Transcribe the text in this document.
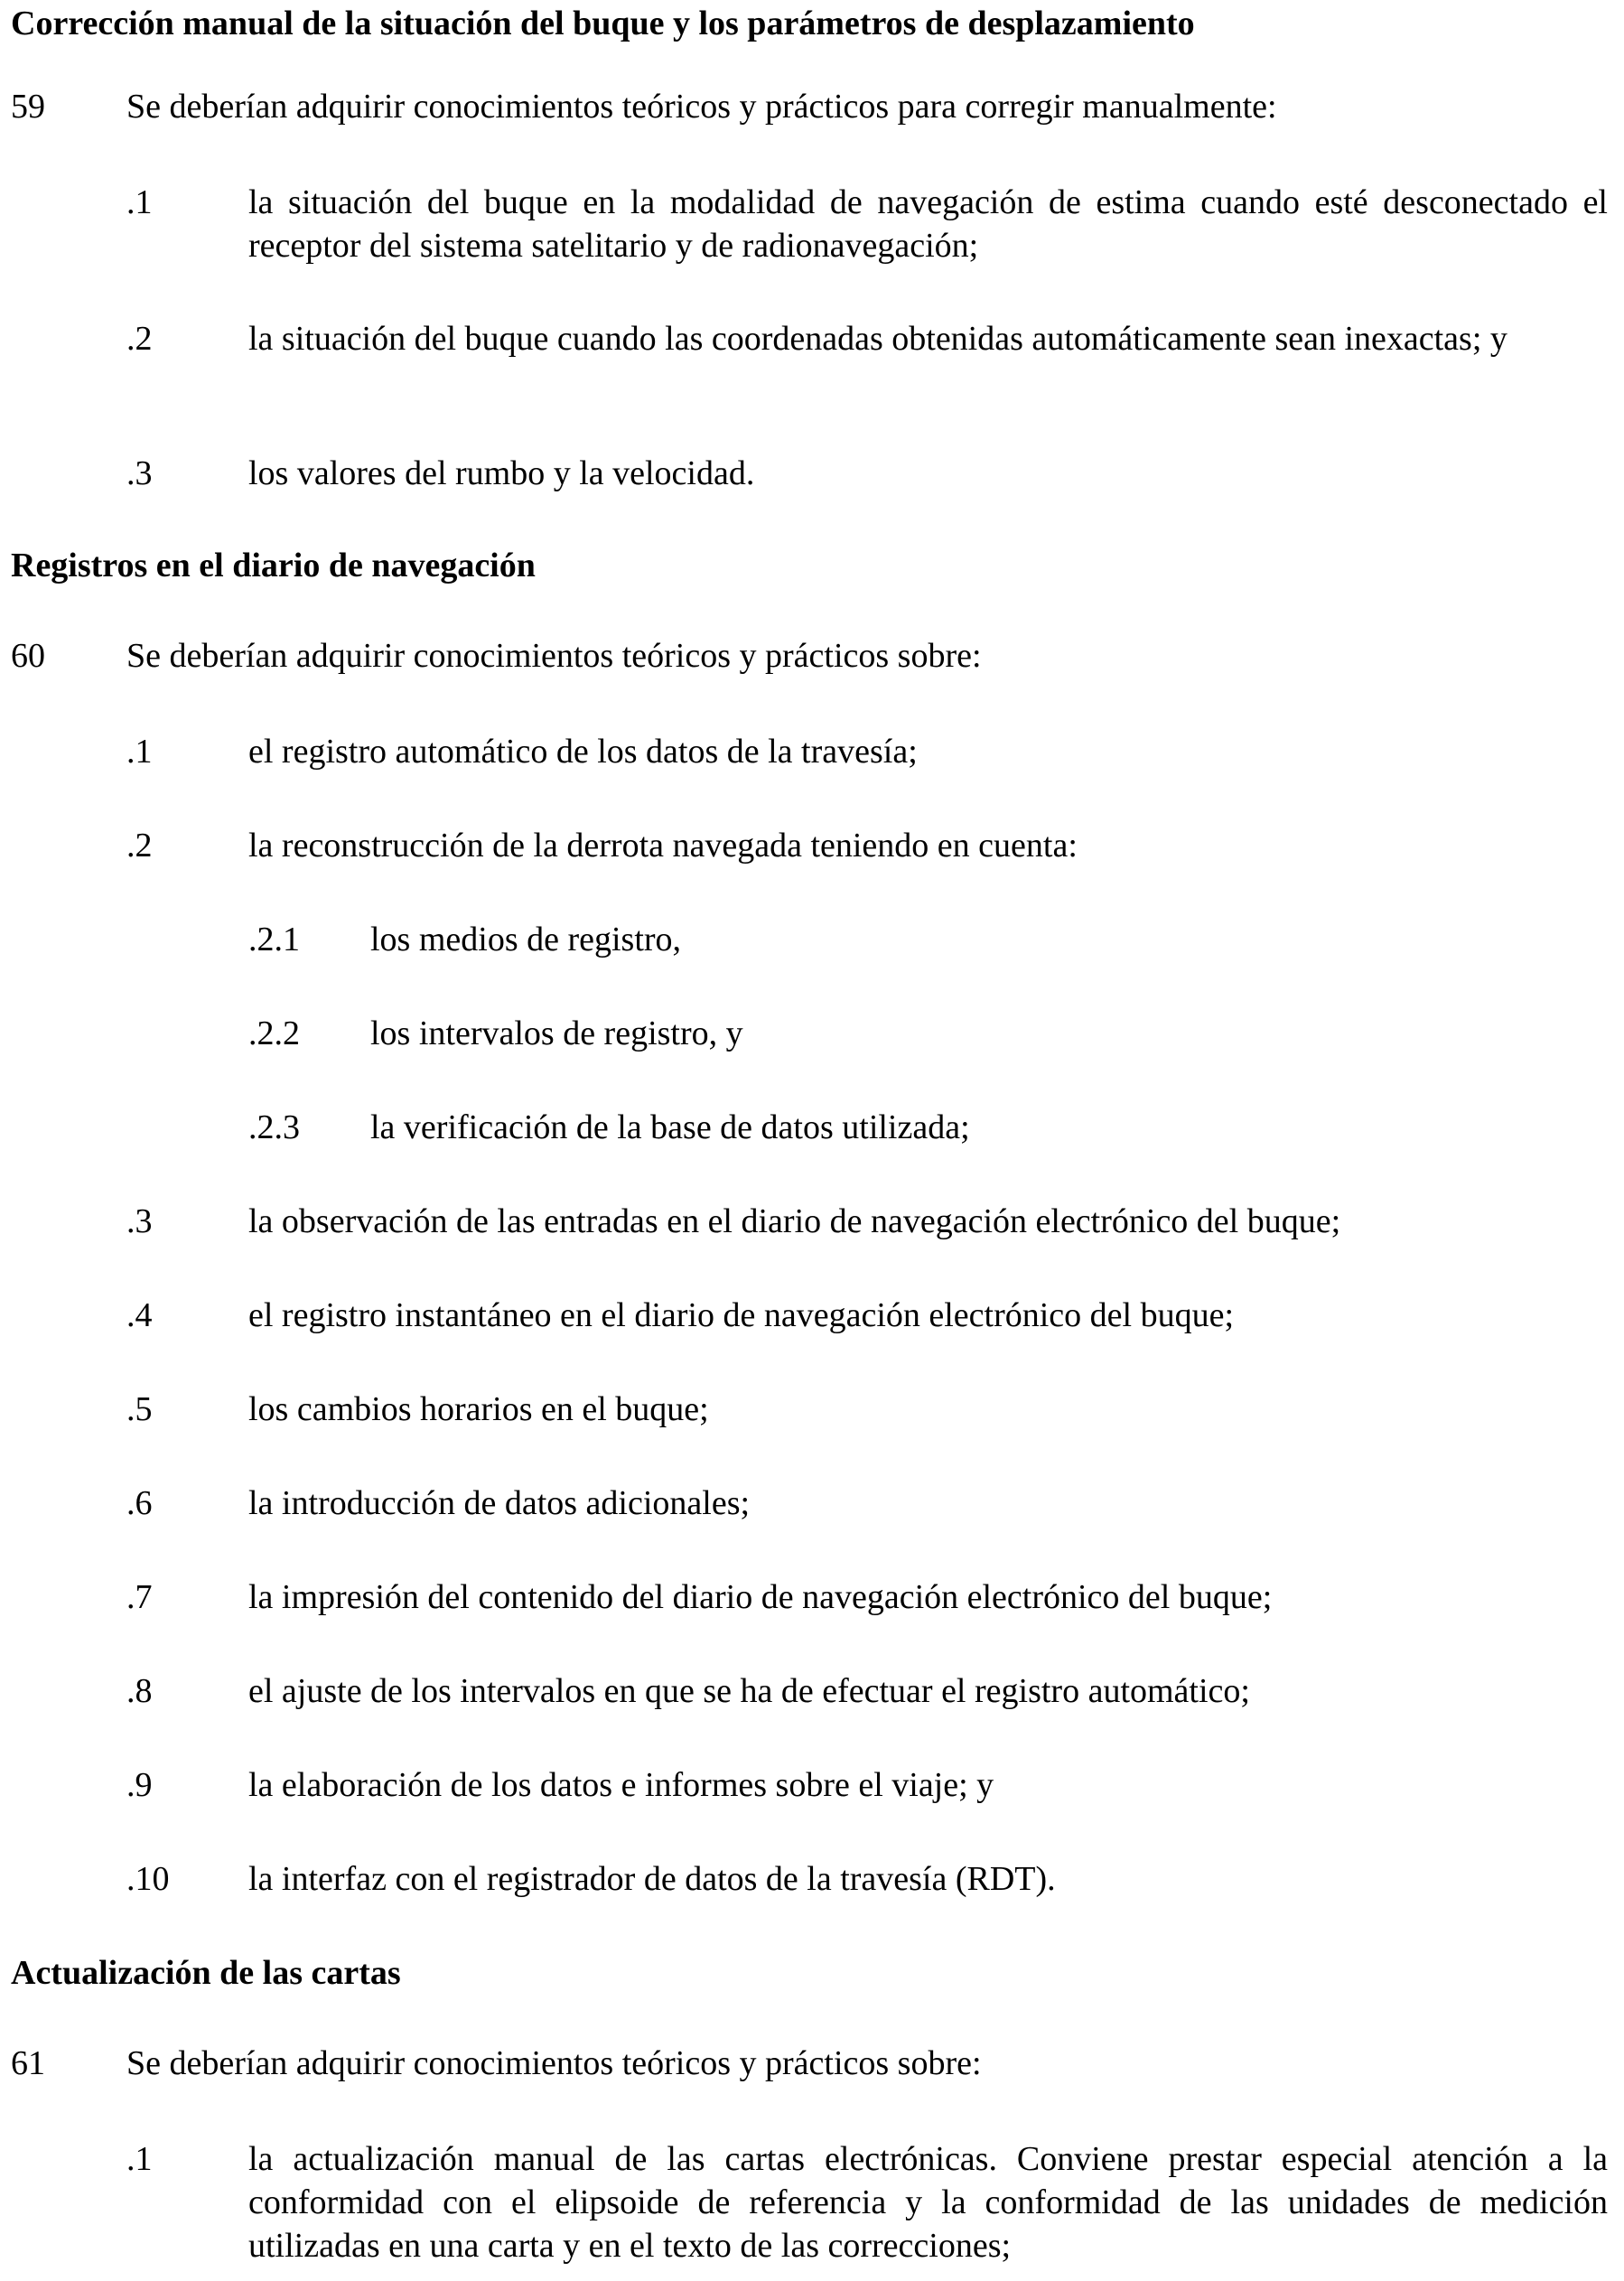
Corrección manual de la situación del buque y los parámetros de desplazamiento
59 Se deberían adquirir conocimientos teóricos y prácticos para corregir manualmente:
.1	la situación del buque en la modalidad de navegación de estima cuando esté desconectado el receptor del sistema satelitario y de radionavegación;
.2	la situación del buque cuando las coordenadas obtenidas automáticamente sean inexactas; y
.3	los valores del rumbo y la velocidad.
Registros en el diario de navegación
60 Se deberían adquirir conocimientos teóricos y prácticos sobre:
.1	el registro automático de los datos de la travesía;
.2	la reconstrucción de la derrota navegada teniendo en cuenta:
.2.1 los medios de registro,
.2.2 los intervalos de registro, y
.2.3 la verificación de la base de datos utilizada;
.3	la observación de las entradas en el diario de navegación electrónico del buque;
.4	el registro instantáneo en el diario de navegación electrónico del buque;
.5	los cambios horarios en el buque;
.6	la introducción de datos adicionales;
.7	la impresión del contenido del diario de navegación electrónico del buque;
.8	el ajuste de los intervalos en que se ha de efectuar el registro automático;
.9	la elaboración de los datos e informes sobre el viaje; y
.10 la interfaz con el registrador de datos de la travesía (RDT).
Actualización de las cartas
61 Se deberían adquirir conocimientos teóricos y prácticos sobre:
.1	la actualización manual de las cartas electrónicas. Conviene prestar especial atención a la conformidad con el elipsoide de referencia y la conformidad de las unidades de medición utilizadas en una carta y en el texto de las correcciones;
